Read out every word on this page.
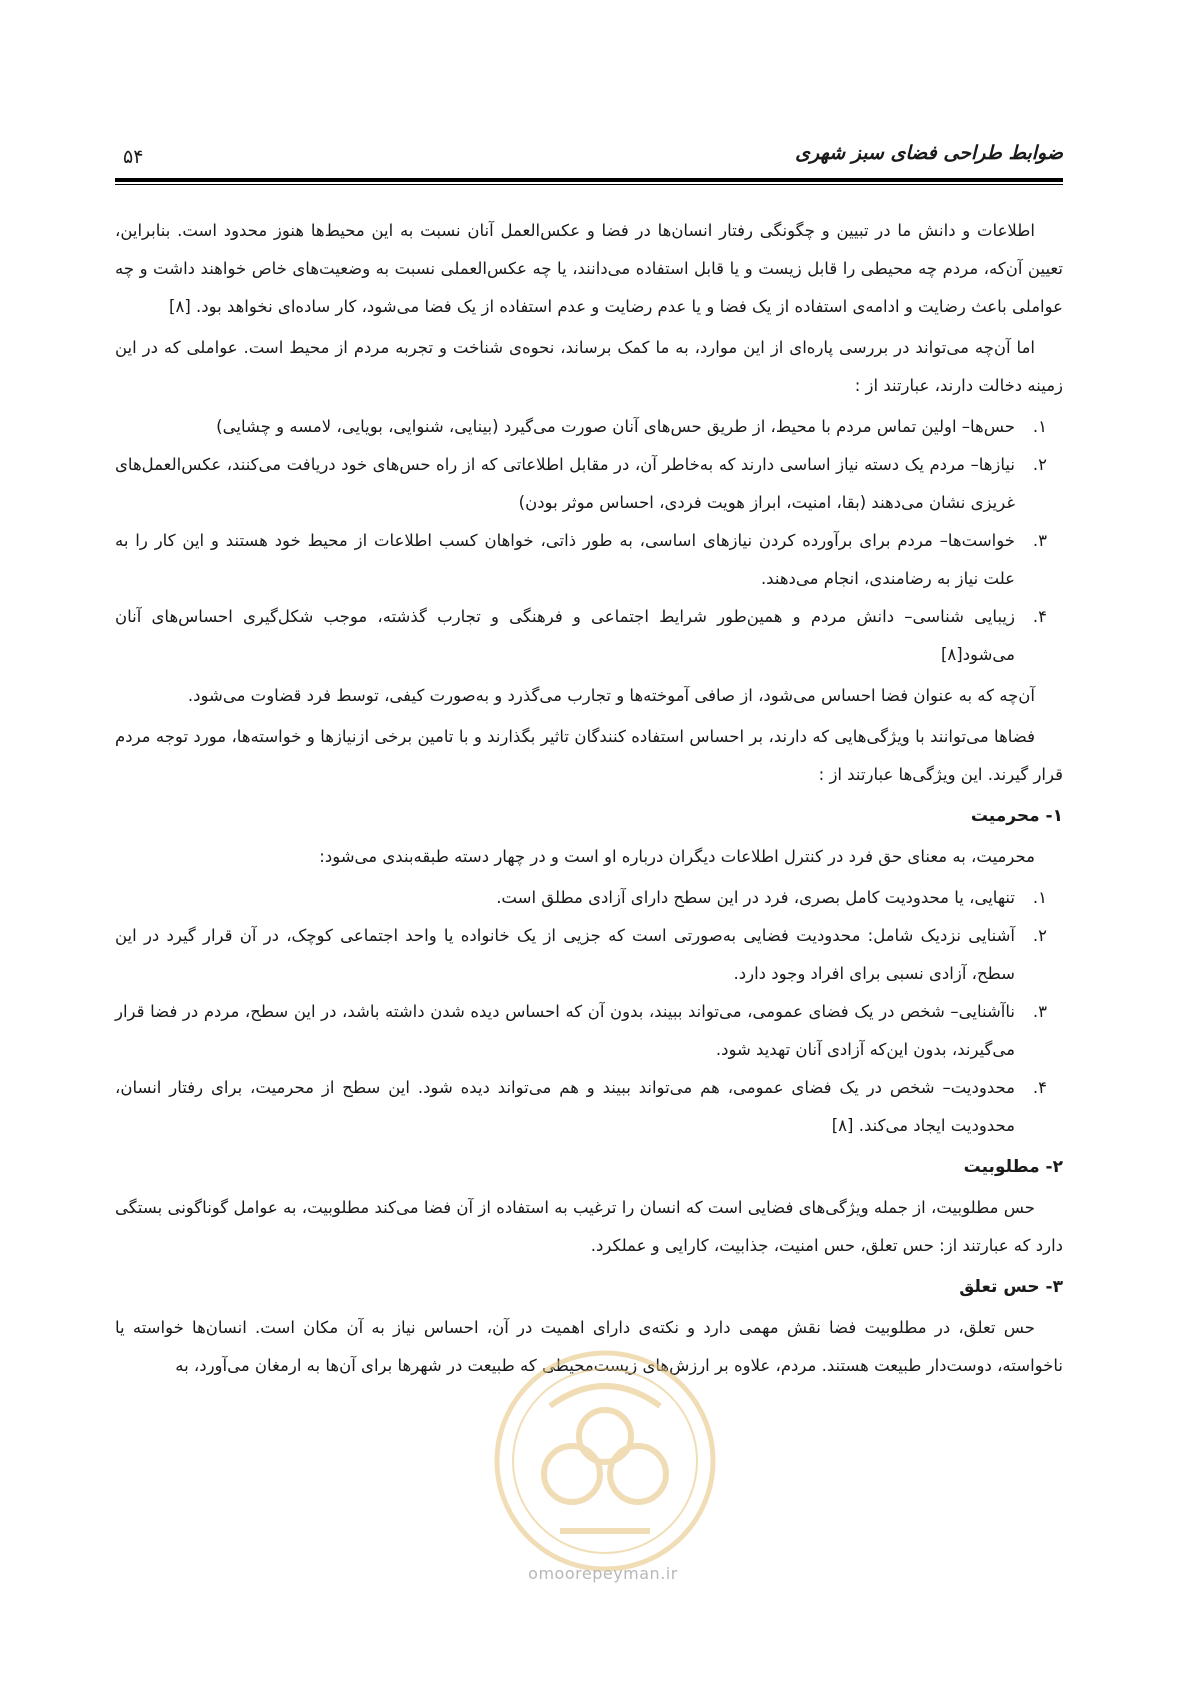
ضوابط طراحی فضای سبز شهری
۵۴

اطلاعات و دانش ما در تبیین و چگونگی رفتار انسان‌ها در فضا و عکس‌العمل آنان نسبت به این محیط‌ها هنوز محدود است. بنابراین، تعیین آن‌که، مردم چه محیطی را قابل زیست و یا قابل استفاده می‌دانند، یا چه عکس‌العملی نسبت به وضعیت‌های خاص خواهند داشت و چه عواملی باعث رضایت و ادامه‌ی استفاده از یک فضا و یا عدم رضایت و عدم استفاده از یک فضا می‌شود، کار ساده‌ای نخواهد بود. [۸]

اما آن‌چه می‌تواند در بررسی پاره‌ای از این موارد، به ما کمک برساند، نحوه‌ی شناخت و تجربه مردم از محیط است. عواملی که در این زمینه دخالت دارند، عبارتند از :

۱.
حس‌ها– اولین تماس مردم با محیط، از طریق حس‌های آنان صورت می‌گیرد (بینایی، شنوایی، بویایی، لامسه و چشایی)
۲.
نیازها– مردم یک دسته نیاز اساسی دارند که به‌خاطر آن، در مقابل اطلاعاتی که از راه حس‌های خود دریافت می‌کنند، عکس‌العمل‌های غریزی نشان می‌دهند (بقا، امنیت، ابراز هویت فردی، احساس موثر بودن)
۳.
خواست‌ها– مردم برای برآورده کردن نیازهای اساسی، به طور ذاتی، خواهان کسب اطلاعات از محیط خود هستند و این کار را به علت نیاز به رضامندی، انجام می‌دهند.
۴.
زیبایی شناسی– دانش مردم و همین‌طور شرایط اجتماعی و فرهنگی و تجارب گذشته، موجب شکل‌گیری احساس‌های آنان می‌شود[۸]

آن‌چه که به عنوان فضا احساس می‌شود، از صافی آموخته‌ها و تجارب می‌گذرد و به‌صورت کیفی، توسط فرد قضاوت می‌شود.

فضاها می‌توانند با ویژگی‌هایی که دارند، بر احساس استفاده کنندگان تاثیر بگذارند و با تامین برخی ازنیازها و خواسته‌ها، مورد توجه مردم قرار گیرند. این ویژگی‌ها عبارتند از :

۱- محرمیت

محرمیت، به معنای حق فرد در کنترل اطلاعات دیگران درباره او است و در چهار دسته طبقه‌بندی می‌شود:

۱.
تنهایی، یا محدودیت کامل بصری، فرد در این سطح دارای آزادی مطلق است.
۲.
آشنایی نزدیک شامل: محدودیت فضایی به‌صورتی است که جزیی از یک خانواده یا واحد اجتماعی کوچک، در آن قرار گیرد در این سطح، آزادی نسبی برای افراد وجود دارد.
۳.
ناآشنایی– شخص در یک فضای عمومی، می‌تواند ببیند، بدون آن که احساس دیده شدن داشته باشد، در این سطح، مردم در فضا قرار می‌گیرند، بدون این‌که آزادی آنان تهدید شود.
۴.
محدودیت– شخص در یک فضای عمومی، هم می‌تواند ببیند و هم می‌تواند دیده شود. این سطح از محرمیت، برای رفتار انسان، محدودیت ایجاد می‌کند. [۸]
۲- مطلوبیت

حس مطلوبیت، از جمله ویژگی‌های فضایی است که انسان را ترغیب به استفاده از آن فضا می‌کند مطلوبیت، به عوامل گوناگونی بستگی دارد که عبارتند از: حس تعلق، حس امنیت، جذابیت، کارایی و عملکرد.

۳- حس تعلق

حس تعلق، در مطلوبیت فضا نقش مهمی دارد و نکته‌ی دارای اهمیت در آن، احساس نیاز به آن مکان است. انسان‌ها خواسته یا ناخواسته، دوست‌دار طبیعت هستند. مردم، علاوه بر ارزش‌های زیست‌محیطی که طبیعت در شهرها برای آن‌ها به ارمغان می‌آورد، به

omoorepeyman.ir
